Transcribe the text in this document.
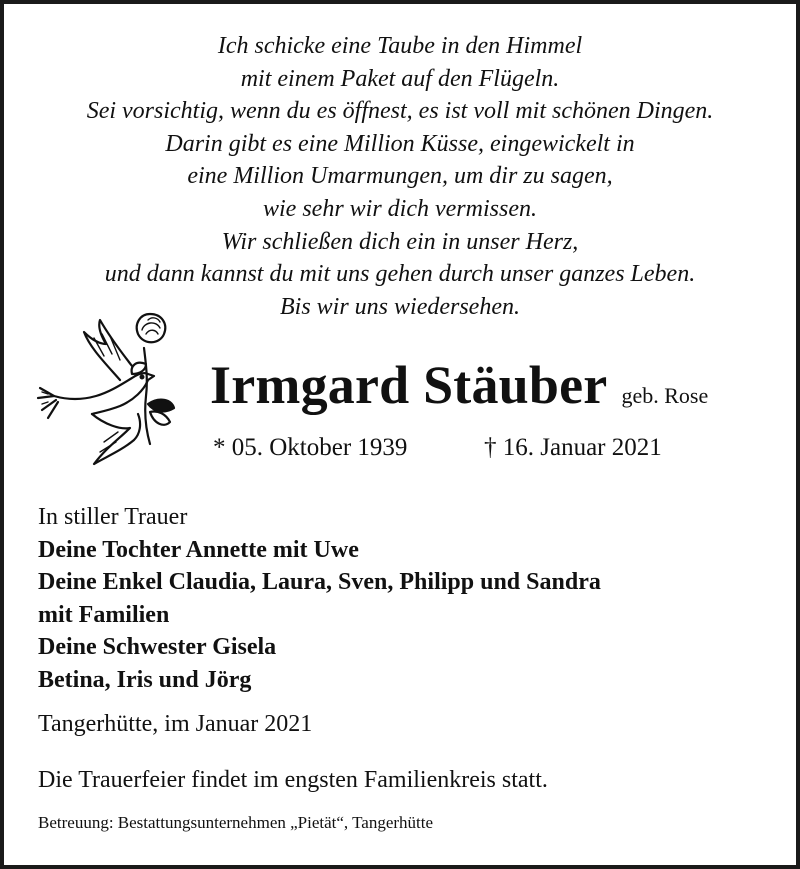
Ich schicke eine Taube in den Himmel
mit einem Paket auf den Flügeln.
Sei vorsichtig, wenn du es öffnest, es ist voll mit schönen Dingen.
Darin gibt es eine Million Küsse, eingewickelt in
eine Million Umarmungen, um dir zu sagen,
wie sehr wir dich vermissen.
Wir schließen dich ein in unser Herz,
und dann kannst du mit uns gehen durch unser ganzes Leben.
Bis wir uns wiedersehen.
Irmgard Stäuber geb. Rose
* 05. Oktober 1939	† 16. Januar 2021
In stiller Trauer
Deine Tochter Annette mit Uwe
Deine Enkel Claudia, Laura, Sven, Philipp und Sandra
mit Familien
Deine Schwester Gisela
Betina, Iris und Jörg
Tangerhütte, im Januar 2021
Die Trauerfeier findet im engsten Familienkreis statt.
Betreuung: Bestattungsunternehmen „Pietät“, Tangerhütte
